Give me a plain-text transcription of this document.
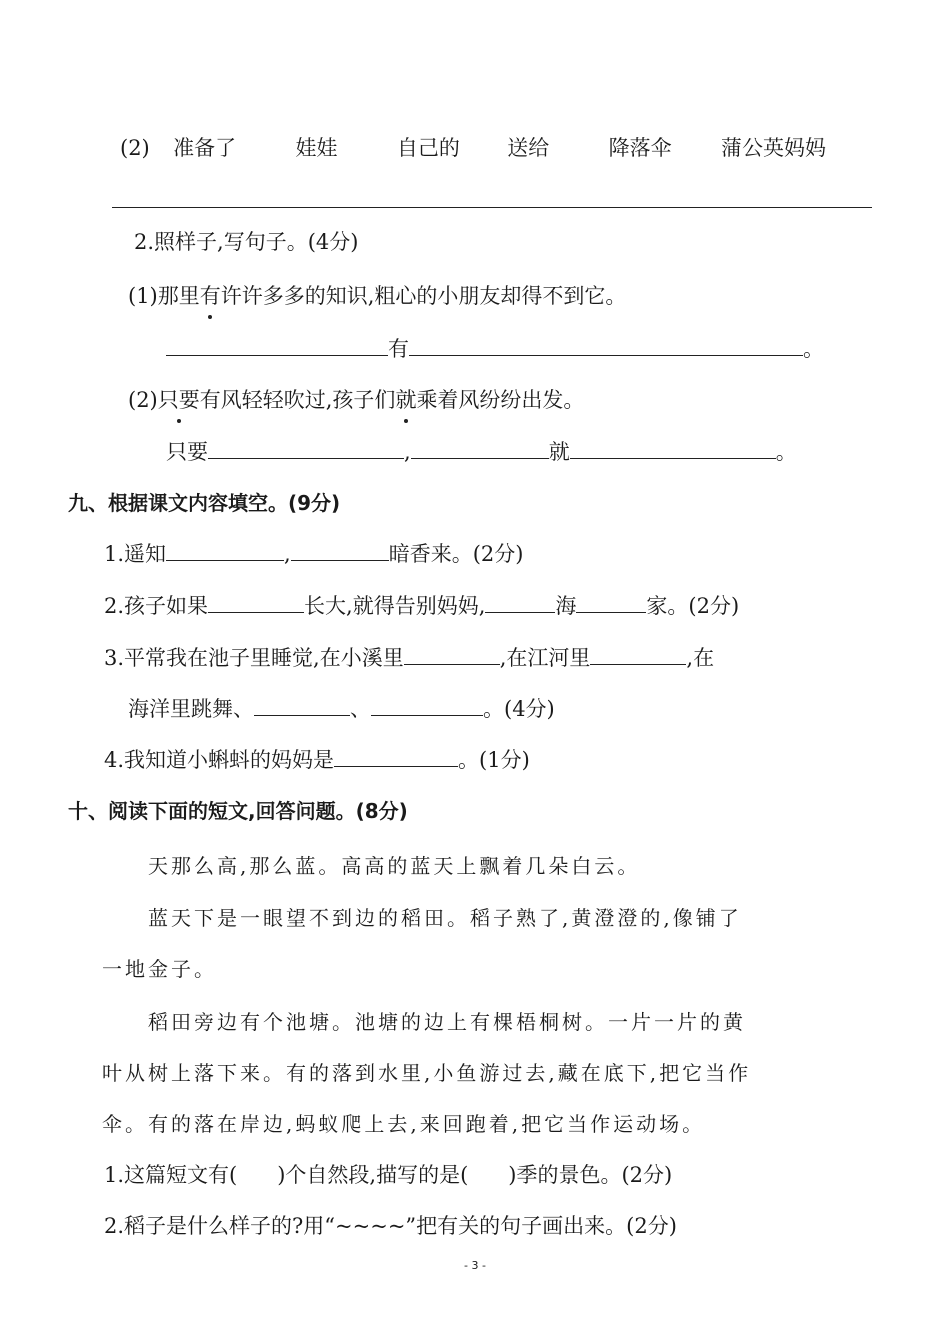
(2) 准备了	娃娃	自己的 送给	降落伞 蒲公英妈妈
2.照样子,写句子。(4分)
(1)那里有许许多多的知识,粗心的小朋友却得不到它。
有	。
(2)只要有风轻轻吹过,孩子们就乘着风纷纷出发。
只要	,	就	。
九、根据课文内容填空。(9分)
1.遥知	,	暗香来。(2分)
2.孩子如果	长大,就得告别妈妈,	海	家。(2分)
3.平常我在池子里睡觉,在小溪里	,在江河里	,在
海洋里跳舞、	、	。(4分)
4.我知道小蝌蚪的妈妈是	。(1分)
十、阅读下面的短文,回答问题。(8分)
天那么高,那么蓝。高高的蓝天上飘着几朵白云。
蓝天下是一眼望不到边的稻田。稻子熟了,黄澄澄的,像铺了
一地金子。
稻田旁边有个池塘。池塘的边上有棵梧桐树。一片一片的黄
叶从树上落下来。有的落到水里,小鱼游过去,藏在底下,把它当作
伞。有的落在岸边,蚂蚁爬上去,来回跑着,把它当作运动场。
1.这篇短文有( )个自然段,描写的是( )季的景色。(2分)
2.稻子是什么样子的?用“~~~~”把有关的句子画出来。(2分)
- 3 -
